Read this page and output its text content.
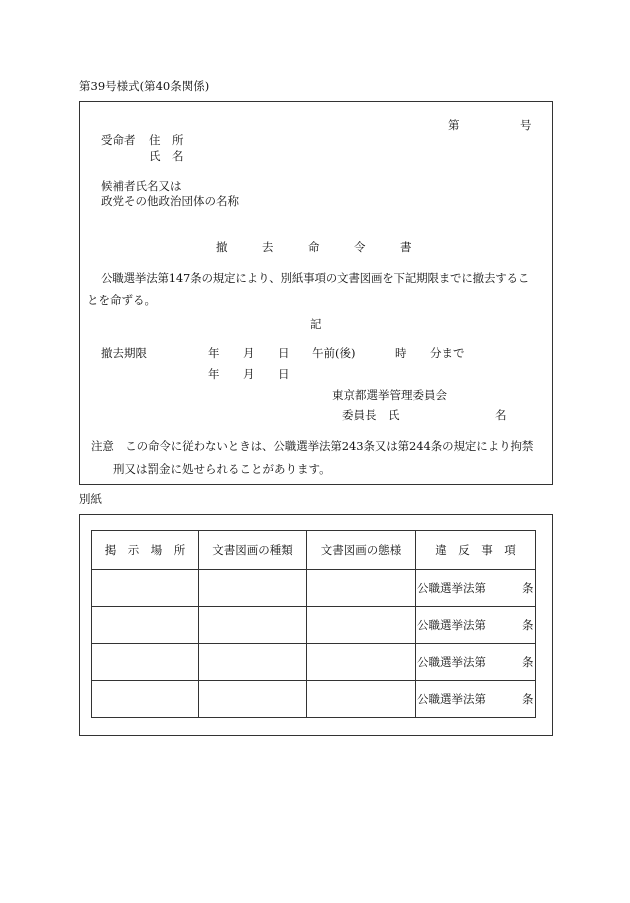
第39号様式(第40条関係)
第	号
受命者 住　所
氏　名
候補者氏名又は
政党その他政治団体の名称
撤　　　去　　　命　　　令　　　書
公職選挙法第147条の規定により、別紙事項の文書図画を下記期限までに撤去するこ
とを命ずる。
記
撤去期限	年 月 日 午前(後)	時 分まで
年 月 日
東京都選挙管理委員会
委員長　氏	名
注意　この命令に従わないときは、公職選挙法第243条又は第244条の規定により拘禁
刑又は罰金に処せられることがあります。
別紙
掲　示　場　所	文書図画の種類	文書図画の態様	違　反　事　項
			公職選挙法第 条
			公職選挙法第 条
			公職選挙法第 条
			公職選挙法第 条
